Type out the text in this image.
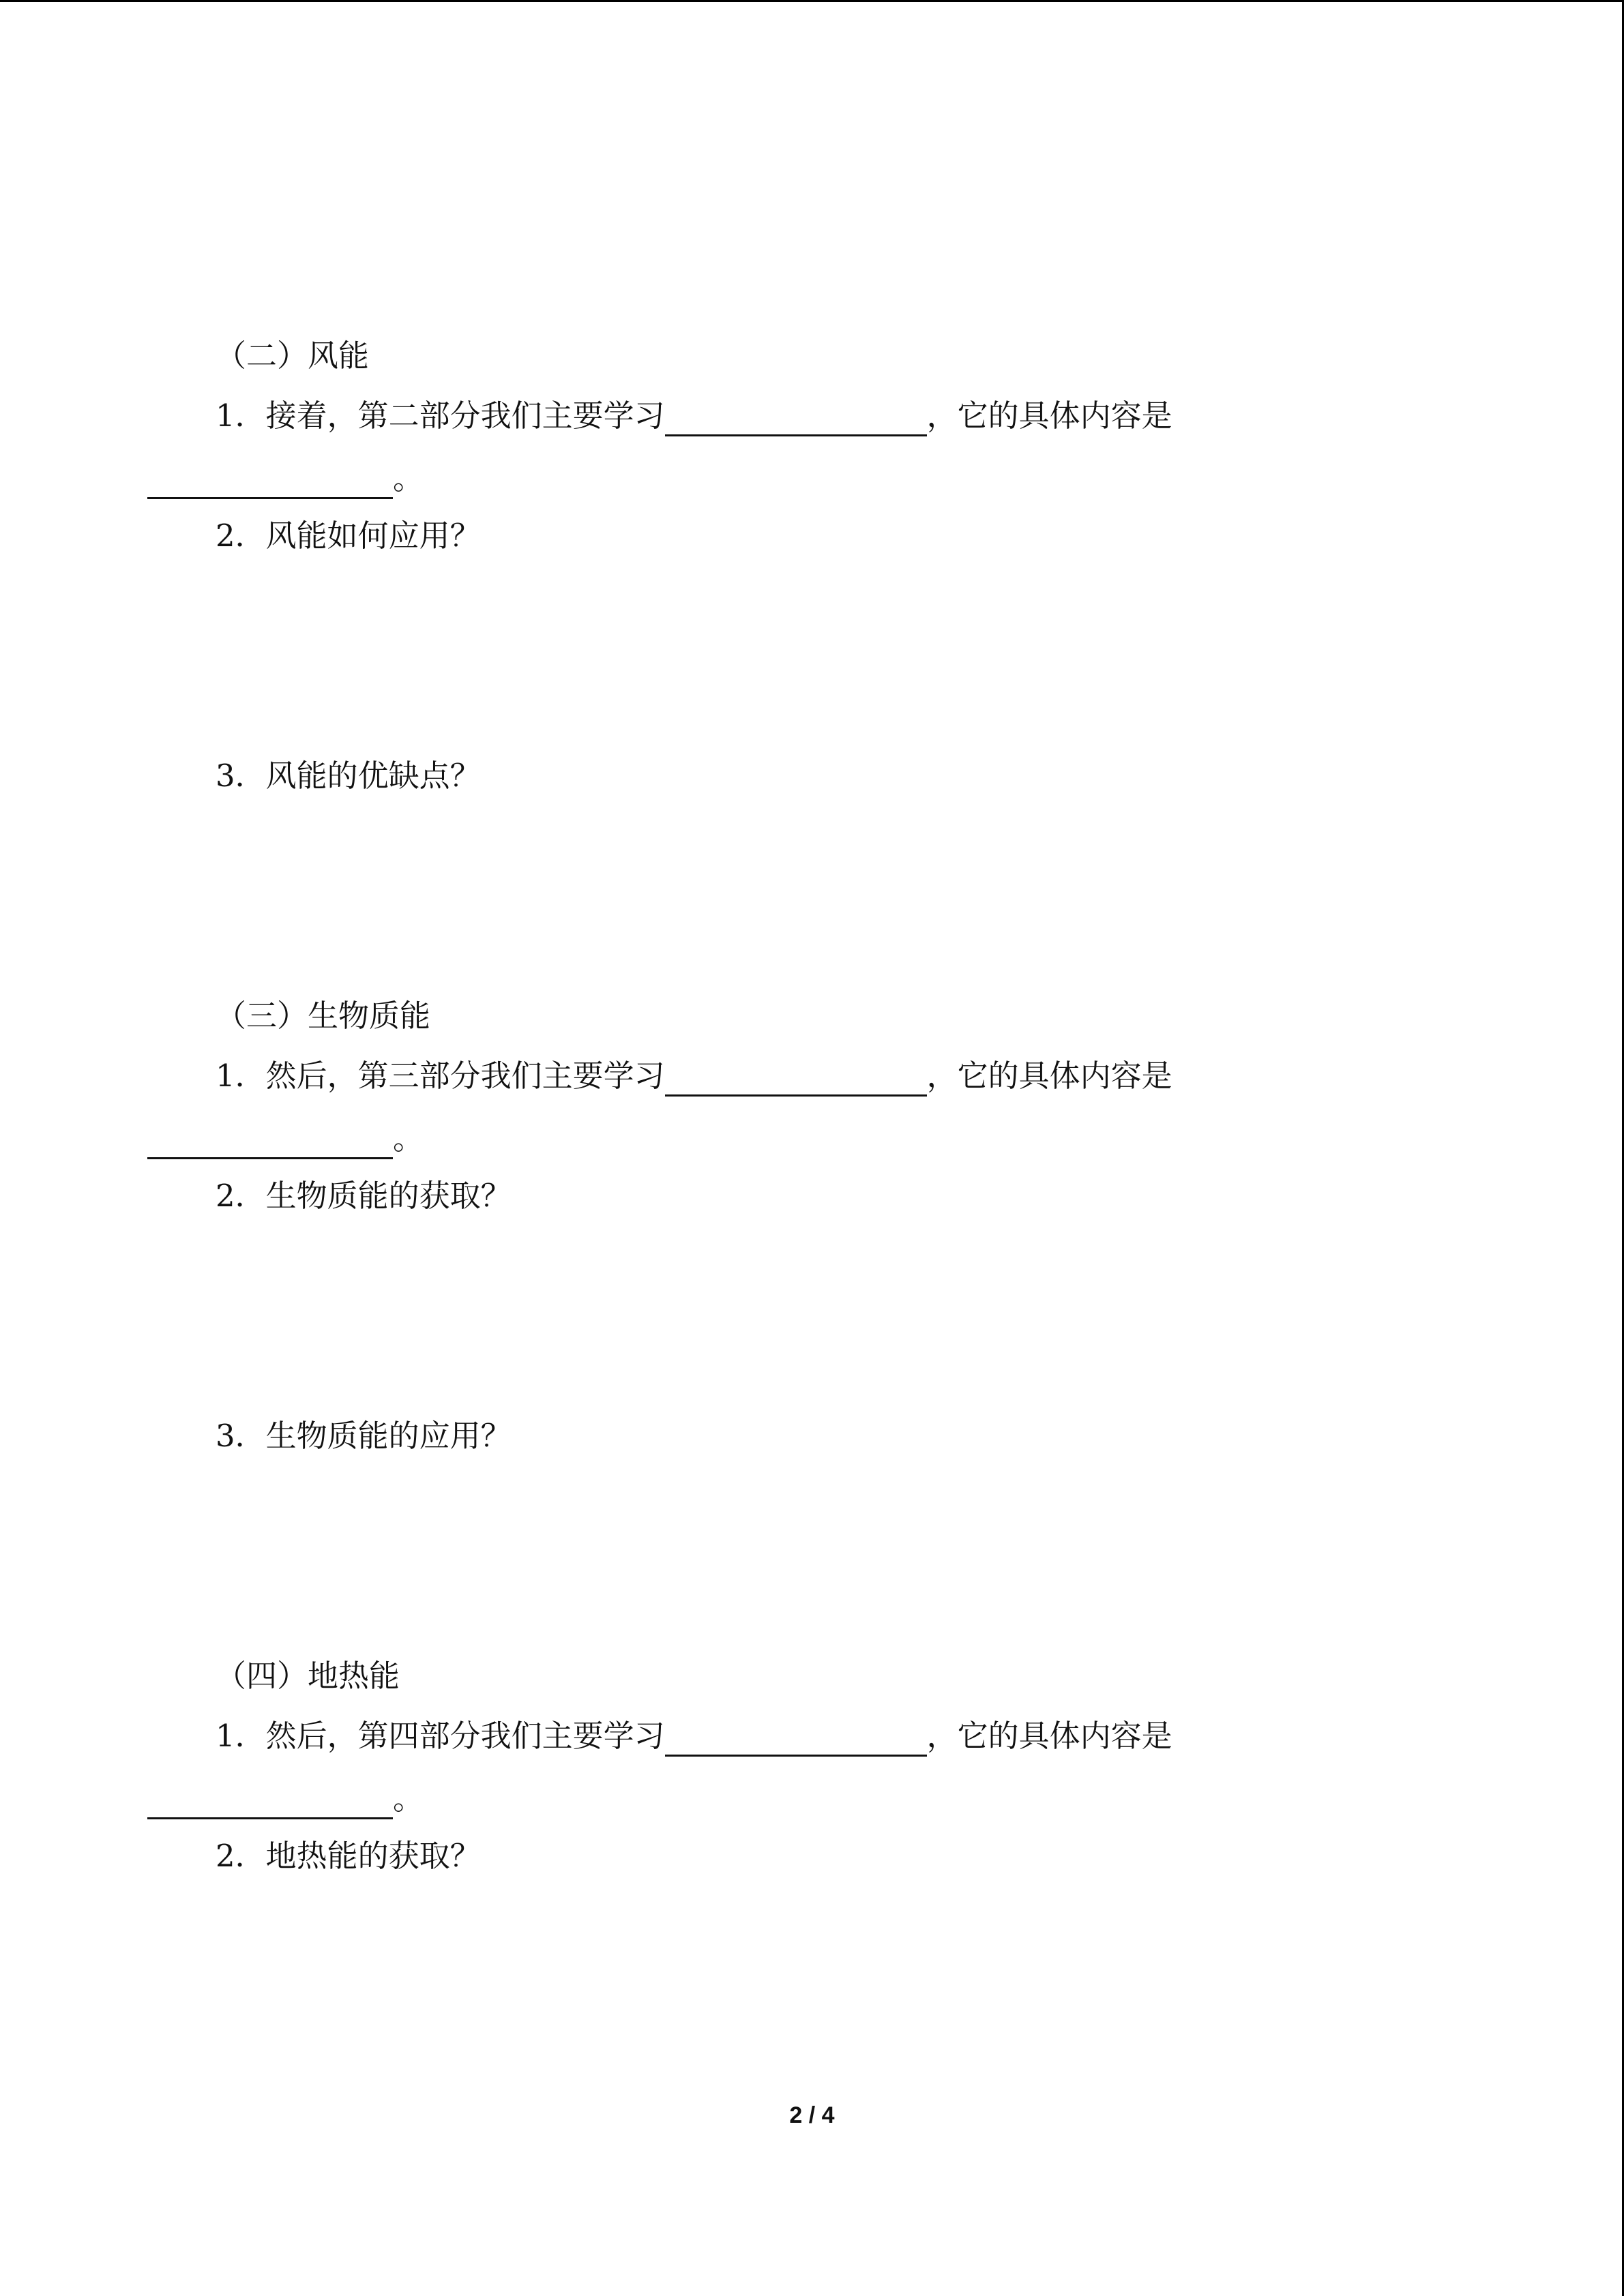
（二）风能
1．接着，第二部分我们主要学习	，它的具体内容是
。
2．风能如何应用？
3．风能的优缺点？
（三）生物质能
1．然后，第三部分我们主要学习	，它的具体内容是
。
2．生物质能的获取？
3．生物质能的应用？
（四）地热能
1．然后，第四部分我们主要学习	，它的具体内容是
。
2．地热能的获取？
2 / 4
